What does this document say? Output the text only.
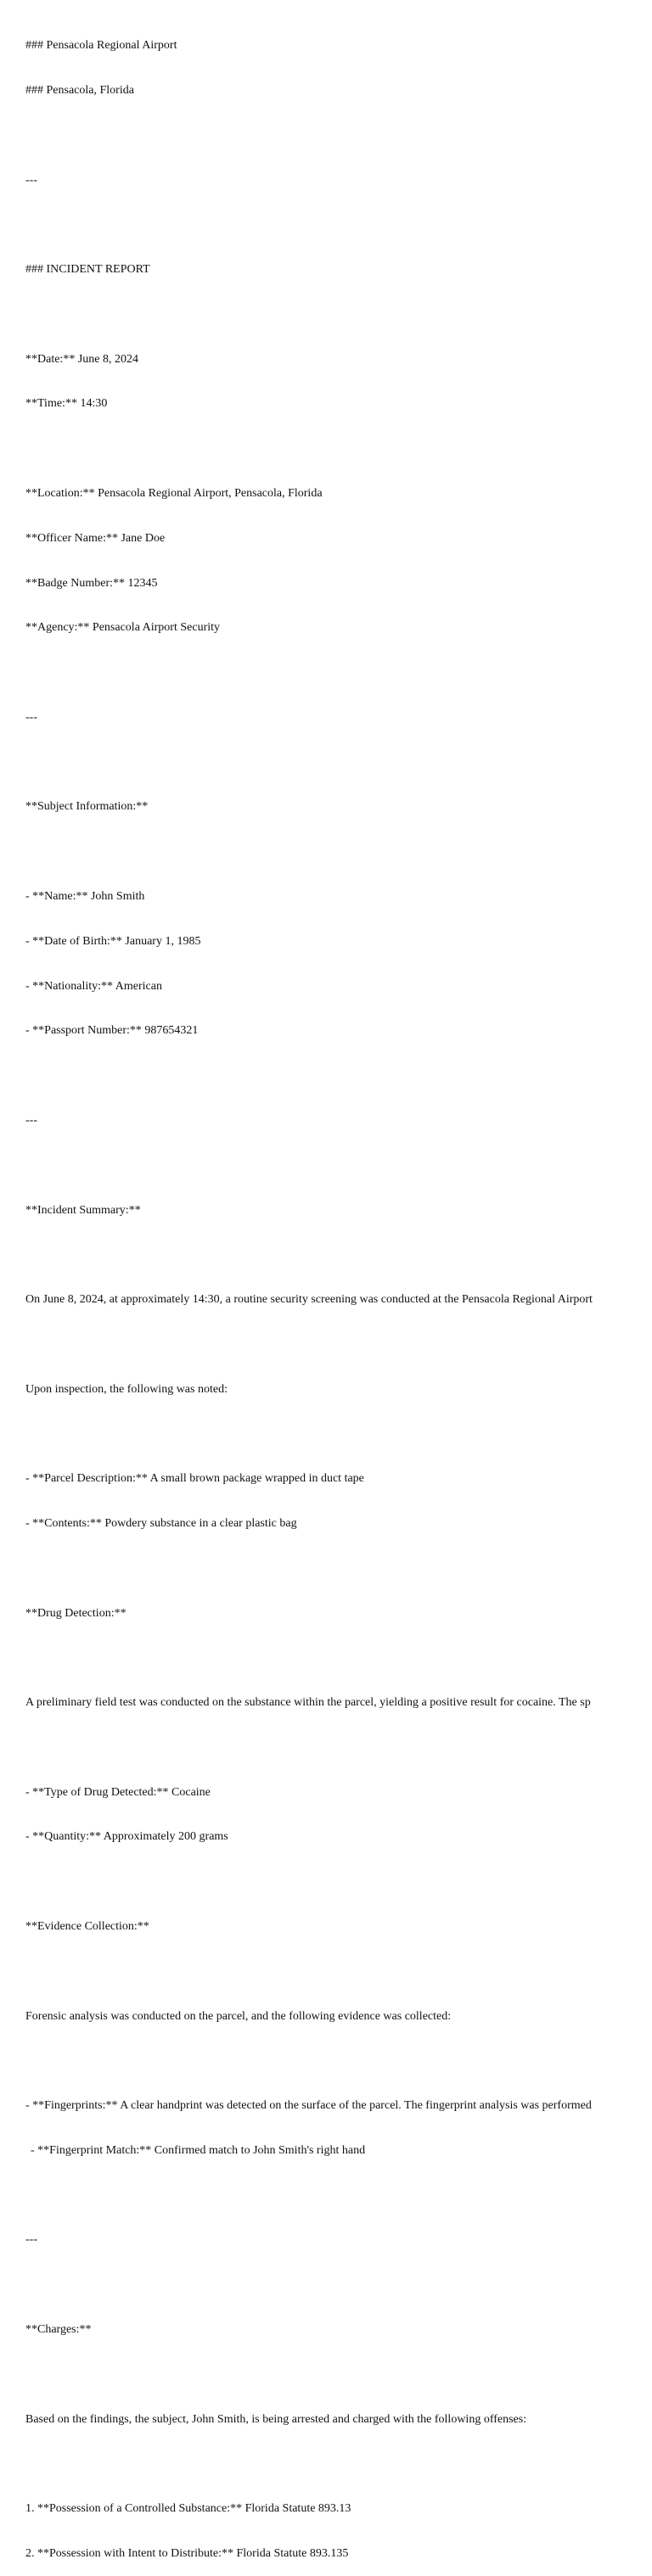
### Pensacola Regional Airport

### Pensacola, Florida

---

### INCIDENT REPORT

**Date:** June 8, 2024

**Time:** 14:30

**Location:** Pensacola Regional Airport, Pensacola, Florida

**Officer Name:** Jane Doe

**Badge Number:** 12345

**Agency:** Pensacola Airport Security

---

**Subject Information:**

- **Name:** John Smith

- **Date of Birth:** January 1, 1985

- **Nationality:** American

- **Passport Number:** 987654321

---

**Incident Summary:**

On June 8, 2024, at approximately 14:30, a routine security screening was conducted at the Pensacola Regional Airport

Upon inspection, the following was noted:

- **Parcel Description:** A small brown package wrapped in duct tape

- **Contents:** Powdery substance in a clear plastic bag

**Drug Detection:**

A preliminary field test was conducted on the substance within the parcel, yielding a positive result for cocaine. The sp

- **Type of Drug Detected:** Cocaine

- **Quantity:** Approximately 200 grams

**Evidence Collection:**

Forensic analysis was conducted on the parcel, and the following evidence was collected:

- **Fingerprints:** A clear handprint was detected on the surface of the parcel. The fingerprint analysis was performed

- **Fingerprint Match:** Confirmed match to John Smith's right hand

---

**Charges:**

Based on the findings, the subject, John Smith, is being arrested and charged with the following offenses:

1. **Possession of a Controlled Substance:** Florida Statute 893.13

2. **Possession with Intent to Distribute:** Florida Statute 893.135
